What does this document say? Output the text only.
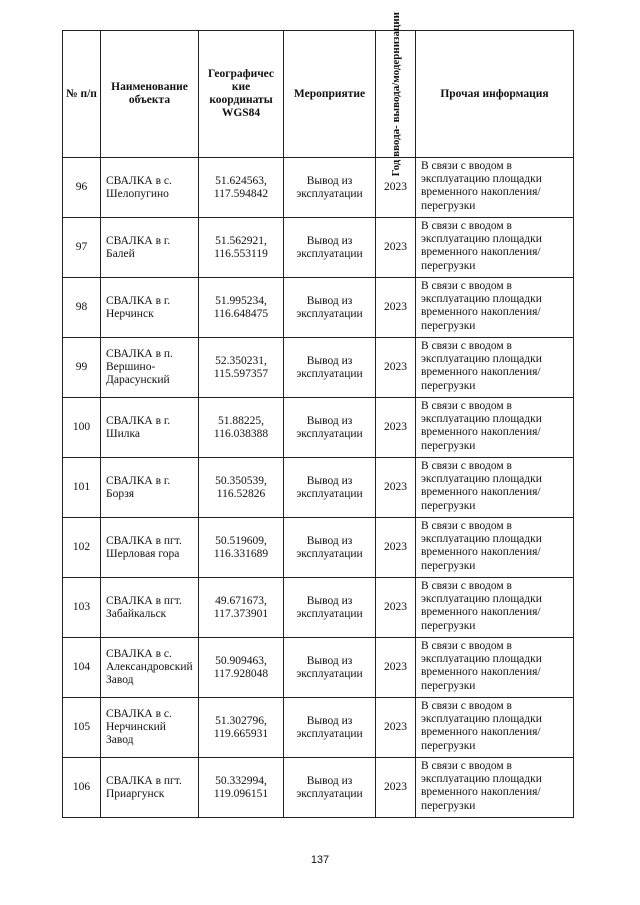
№ п/п	Наименование объекта	Географичес кие координаты WGS84	Мероприятие	Год ввода- вывода/модернизации	Прочая информация
96	СВАЛКА в с. Шелопугино	51.624563, 117.594842	Вывод из эксплуатации	2023	В связи с вводом в эксплуатацию площадки временного накопления/перегрузки
97	СВАЛКА в г. Балей	51.562921, 116.553119	Вывод из эксплуатации	2023	В связи с вводом в эксплуатацию площадки временного накопления/перегрузки
98	СВАЛКА в г. Нерчинск	51.995234, 116.648475	Вывод из эксплуатации	2023	В связи с вводом в эксплуатацию площадки временного накопления/перегрузки
99	СВАЛКА в п. Вершино-Дарасунский	52.350231, 115.597357	Вывод из эксплуатации	2023	В связи с вводом в эксплуатацию площадки временного накопления/перегрузки
100	СВАЛКА в г. Шилка	51.88225, 116.038388	Вывод из эксплуатации	2023	В связи с вводом в эксплуатацию площадки временного накопления/перегрузки
101	СВАЛКА в г. Борзя	50.350539, 116.52826	Вывод из эксплуатации	2023	В связи с вводом в эксплуатацию площадки временного накопления/перегрузки
102	СВАЛКА в пгт. Шерловая гора	50.519609, 116.331689	Вывод из эксплуатации	2023	В связи с вводом в эксплуатацию площадки временного накопления/перегрузки
103	СВАЛКА в пгт. Забайкальск	49.671673, 117.373901	Вывод из эксплуатации	2023	В связи с вводом в эксплуатацию площадки временного накопления/перегрузки
104	СВАЛКА в с. Александровский Завод	50.909463, 117.928048	Вывод из эксплуатации	2023	В связи с вводом в эксплуатацию площадки временного накопления/перегрузки
105	СВАЛКА в с. Нерчинский Завод	51.302796, 119.665931	Вывод из эксплуатации	2023	В связи с вводом в эксплуатацию площадки временного накопления/перегрузки
106	СВАЛКА в пгт. Приаргунск	50.332994, 119.096151	Вывод из эксплуатации	2023	В связи с вводом в эксплуатацию площадки временного накопления/перегрузки
137
